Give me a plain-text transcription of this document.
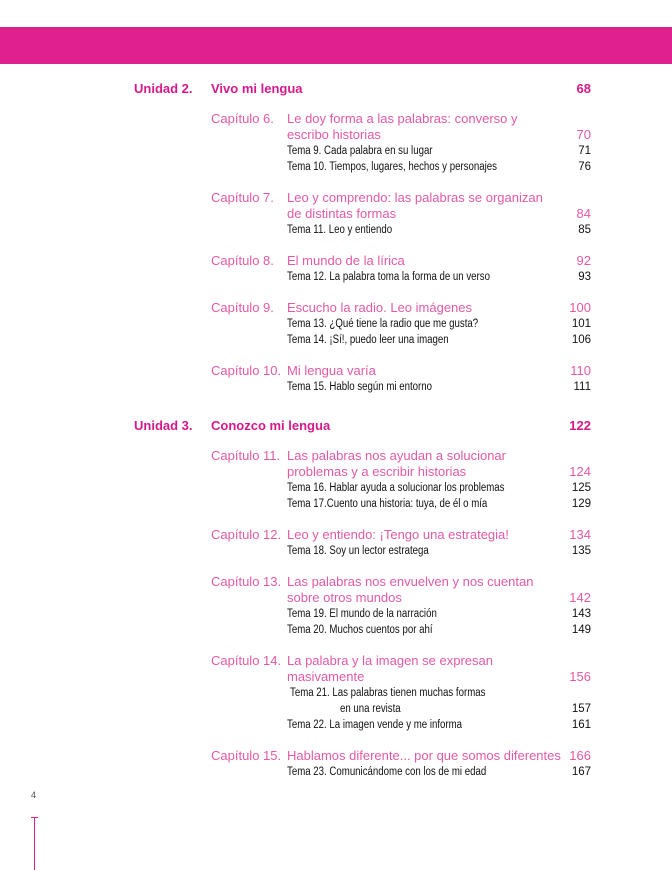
Unidad 2. Vivo mi lengua	68
Capítulo 6. Le doy forma a las palabras: converso y
escribo historias	70
Tema 9. Cada palabra en su lugar	71
Tema 10. Tiempos, lugares, hechos y personajes	76
Capítulo 7. Leo y comprendo: las palabras se organizan
de distintas formas	84
Tema 11. Leo y entiendo	85
Capítulo 8. El mundo de la lírica	92
Tema 12. La palabra toma la forma de un verso	93
Capítulo 9. Escucho la radio. Leo imágenes	100
Tema 13. ¿Qué tiene la radio que me gusta?	101
Tema 14. ¡Sí!, puedo leer una imagen	106
Capítulo 10. Mi lengua varía	110
Tema 15. Hablo según mi entorno	111
Unidad 3. Conozco mi lengua	122
Capítulo 11. Las palabras nos ayudan a solucionar
problemas y a escribir historias	124
Tema 16. Hablar ayuda a solucionar los problemas	125
Tema 17.Cuento una historia: tuya, de él o mía	129
Capítulo 12. Leo y entiendo: ¡Tengo una estrategia!	134
Tema 18. Soy un lector estratega	135
Capítulo 13. Las palabras nos envuelven y nos cuentan
sobre otros mundos	142
Tema 19. El mundo de la narración	143
Tema 20. Muchos cuentos por ahí	149
Capítulo 14. La palabra y la imagen se expresan
masivamente	156
Tema 21. Las palabras tienen muchas formas
en una revista	157
Tema 22. La imagen vende y me informa	161
Capítulo 15. Hablamos diferente... por que somos diferentes 166
Tema 23. Comunicándome con los de mi edad	167
4
